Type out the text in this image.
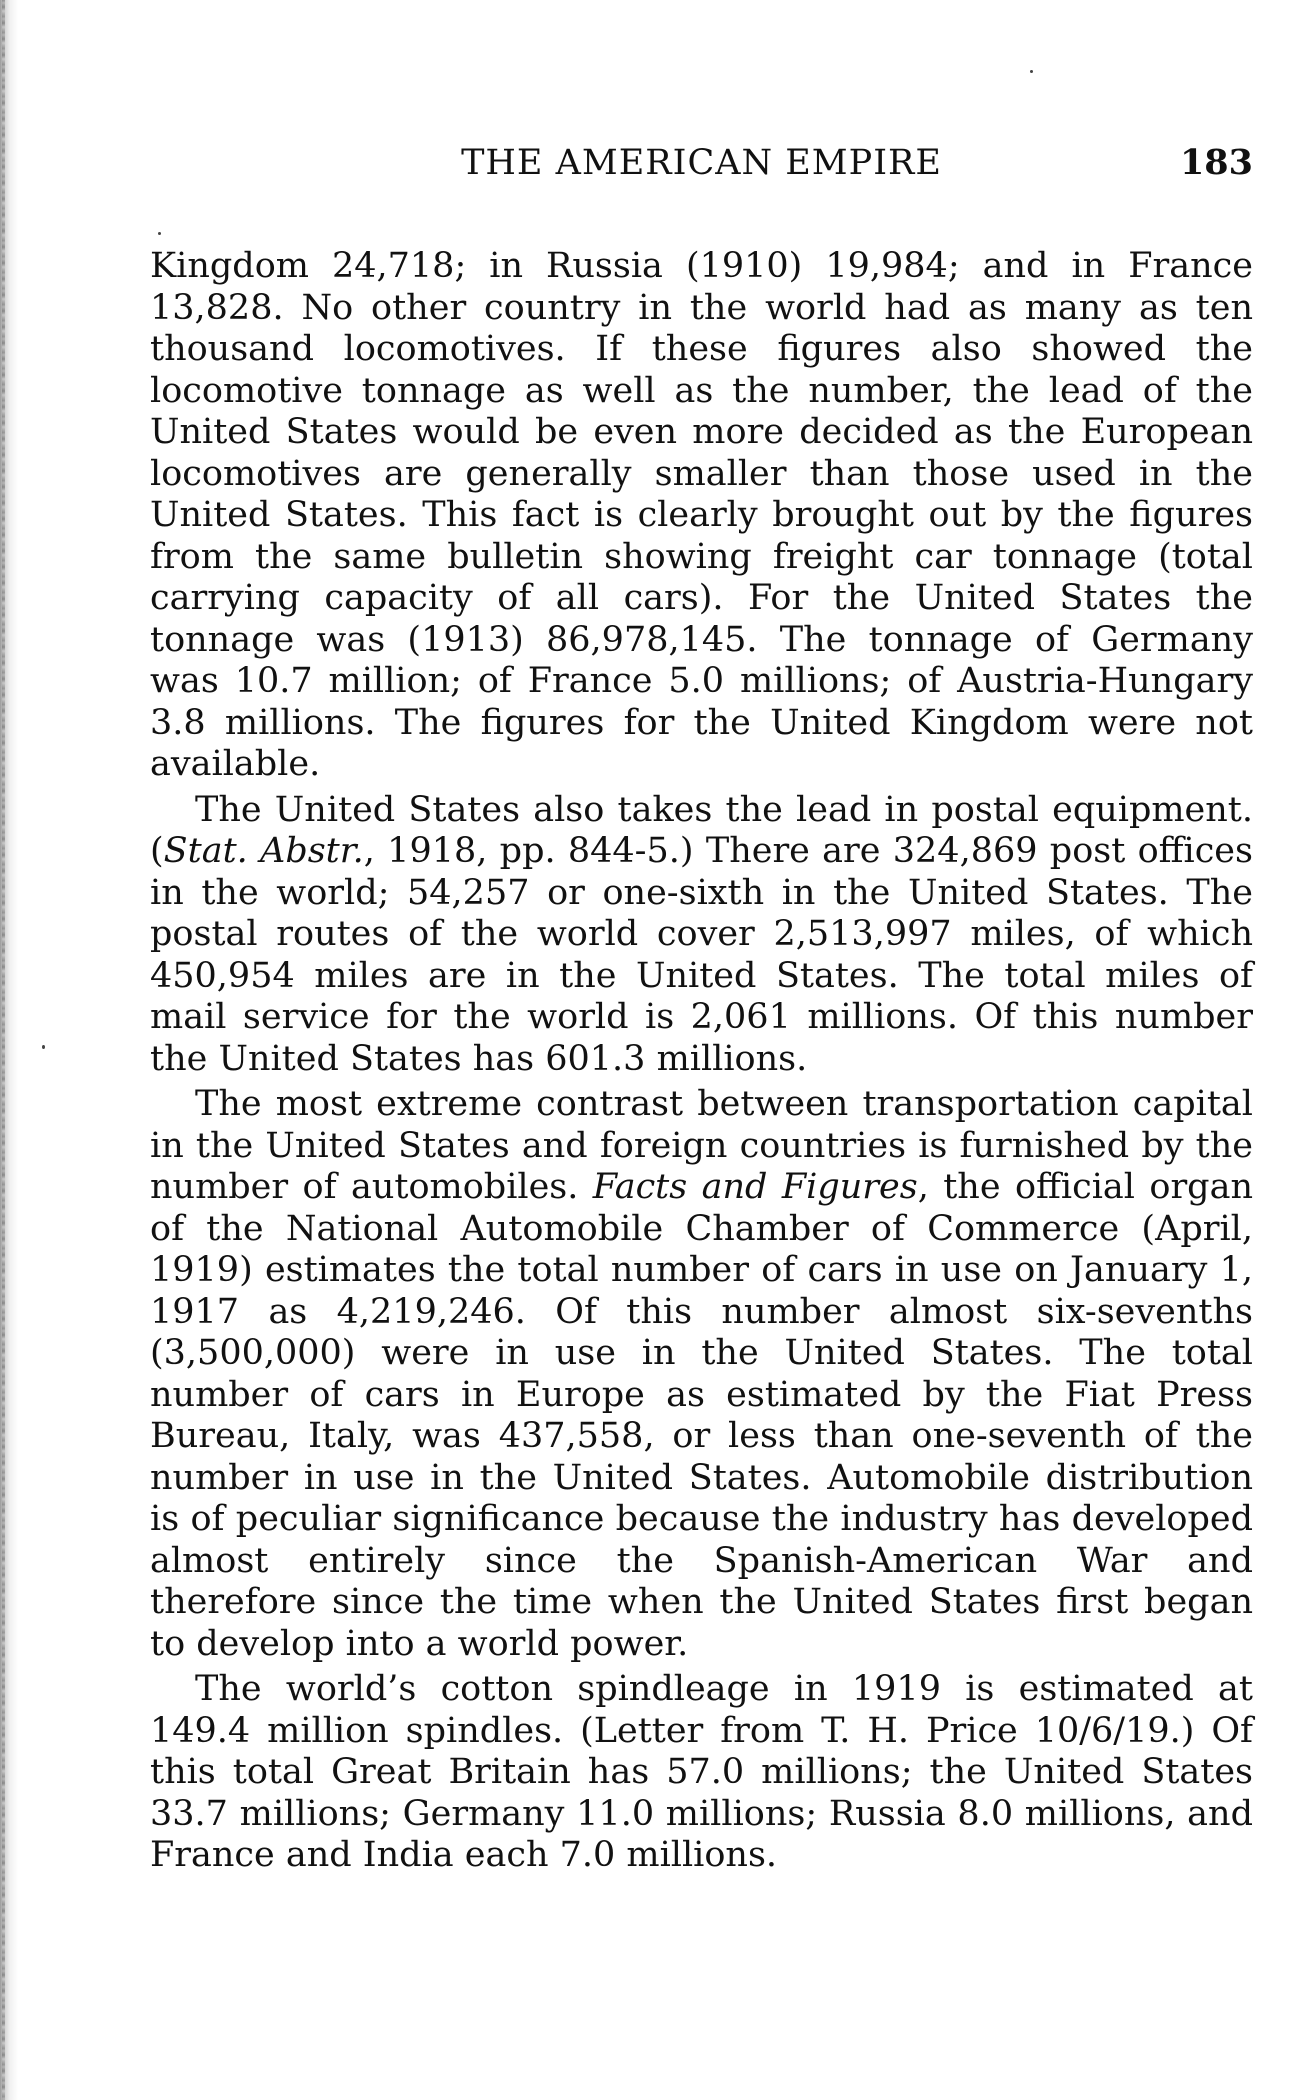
THE AMERICAN EMPIRE	183

Kingdom 24,718; in Russia (1910) 19,984; and in France 13,828. No other country in the world had as many as ten thousand locomotives. If these figures also showed the locomotive tonnage as well as the number, the lead of the United States would be even more decided as the European locomotives are generally smaller than those used in the United States. This fact is clearly brought out by the figures from the same bulletin showing freight car tonnage (total carrying capacity of all cars). For the United States the tonnage was (1913) 86,978,145. The tonnage of Germany was 10.7 million; of France 5.0 millions; of Austria-Hungary 3.8 millions. The figures for the United Kingdom were not available.

The United States also takes the lead in postal equipment. (Stat. Abstr., 1918, pp. 844-5.) There are 324,869 post offices in the world; 54,257 or one-sixth in the United States. The postal routes of the world cover 2,513,997 miles, of which 450,954 miles are in the United States. The total miles of mail service for the world is 2,061 millions. Of this number the United States has 601.3 millions.

The most extreme contrast between transportation capital in the United States and foreign countries is furnished by the number of automobiles. Facts and Figures, the official organ of the National Automobile Chamber of Commerce (April, 1919) estimates the total number of cars in use on January 1, 1917 as 4,219,246. Of this number almost six-sevenths (3,500,000) were in use in the United States. The total number of cars in Europe as estimated by the Fiat Press Bureau, Italy, was 437,558, or less than one-seventh of the number in use in the United States. Automobile distribution is of peculiar significance because the industry has developed almost entirely since the Spanish-American War and therefore since the time when the United States first began to develop into a world power.

The world’s cotton spindleage in 1919 is estimated at 149.4 million spindles. (Letter from T. H. Price 10/6/19.) Of this total Great Britain has 57.0 millions; the United States 33.7 millions; Germany 11.0 millions; Russia 8.0 millions, and France and India each 7.0 millions.
